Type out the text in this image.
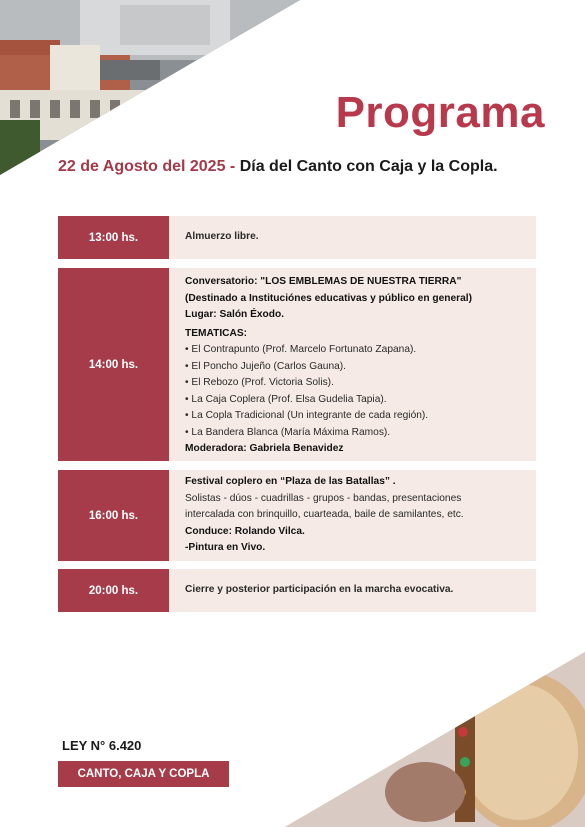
Programa
22 de Agosto del 2025 - Día del Canto con Caja y la Copla.
13:00 hs.	Almuerzo libre.
14:00 hs.
Conversatorio: "LOS EMBLEMAS DE NUESTRA TIERRA"
(Destinado a Instituciónes educativas y público en general)
Lugar: Salón Éxodo.
TEMATICAS:
• El Contrapunto (Prof. Marcelo Fortunato Zapana).
• El Poncho Jujeño (Carlos Gauna).
• El Rebozo (Prof. Victoria Solis).
• La Caja Coplera (Prof. Elsa Gudelia Tapia).
• La Copla Tradicional (Un integrante de cada región).
• La Bandera Blanca (María Máxima Ramos).
Moderadora: Gabriela Benavidez
16:00 hs.
Festival coplero en “Plaza de las Batallas” .
Solistas - dúos - cuadrillas - grupos - bandas, presentaciones
intercalada con brinquillo, cuarteada, baile de samilantes, etc.
Conduce: Rolando Vilca.
-Pintura en Vivo.
20:00 hs.	Cierre y posterior participación en la marcha evocativa.
LEY N° 6.420
CANTO, CAJA Y COPLA
